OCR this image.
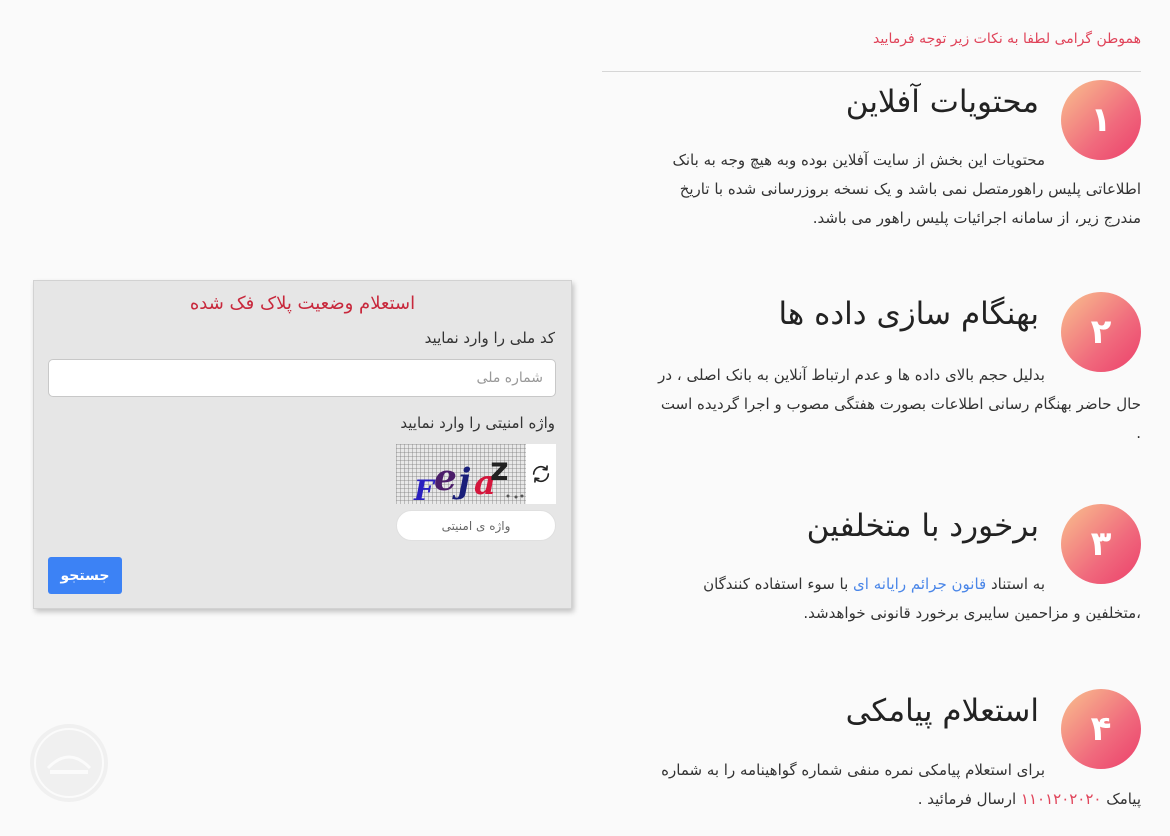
هموطن گرامی لطفا به نکات زیر توجه فرمایید
۱
محتویات آفلاین

محتویات این بخش از سایت آفلاین بوده وبه هیچ وجه به بانک

اطلاعاتی پلیس راهورمتصل نمی باشد و یک نسخه بروزرسانی شده با تاریخ

مندرج زیر، از سامانه اجرائیات پلیس راهور می باشد.

۲
بهنگام سازی داده ها

بدلیل حجم بالای داده ها و عدم ارتباط آنلاین به بانک اصلی ، در

حال حاضر بهنگام رسانی اطلاعات بصورت هفتگی مصوب و اجرا گردیده است

.

۳
برخورد با متخلفین

به استناد قانون جرائم رایانه ای با سوء استفاده کنندگان

،متخلفین و مزاحمین سایبری برخورد قانونی خواهدشد.

۴
استعلام پیامکی

برای استعلام پیامکی نمره منفی شماره گواهینامه را به شماره

پیامک ۱۱۰۱۲۰۲۰۲۰ ارسال فرمائید .

استعلام وضعیت پلاک فک شده
کد ملی را وارد نمایید
شماره ملی
واژه امنیتی را وارد نمایید
F e j a
z
واژه ی امنیتی
جستجو
